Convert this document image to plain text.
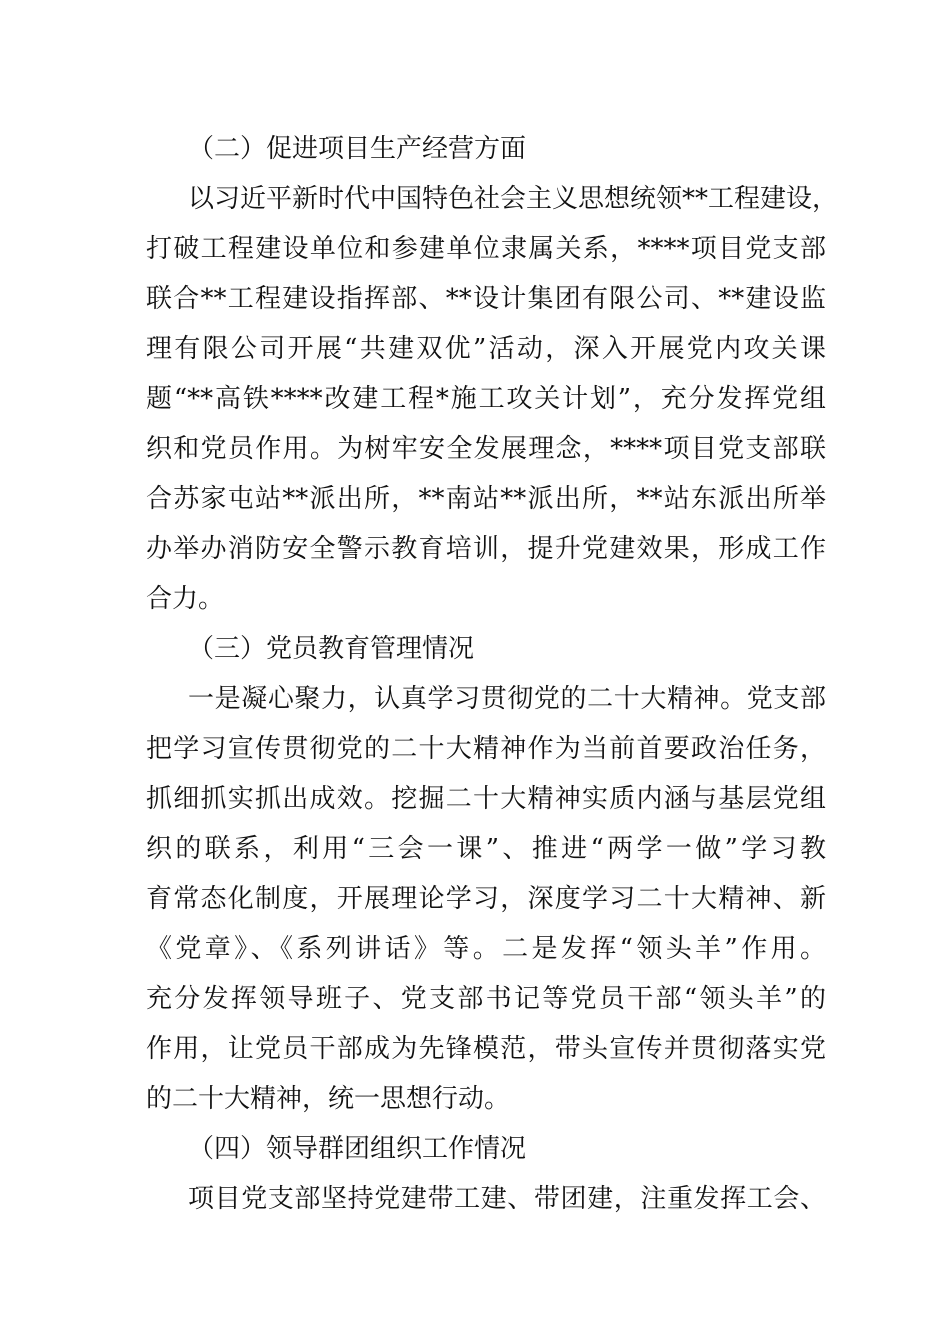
（二）促进项目生产经营方面
以习近平新时代中国特色社会主义思想统领**工程建设，
打破工程建设单位和参建单位隶属关系，****项目党支部
联合**工程建设指挥部、**设计集团有限公司、**建设监
理有限公司开展“共建双优”活动，深入开展党内攻关课
题“**高铁****改建工程*施工攻关计划”，充分发挥党组
织和党员作用。为树牢安全发展理念，****项目党支部联
合苏家屯站**派出所，**南站**派出所，**站东派出所举
办举办消防安全警示教育培训，提升党建效果，形成工作
合力。
（三）党员教育管理情况
一是凝心聚力，认真学习贯彻党的二十大精神。党支部
把学习宣传贯彻党的二十大精神作为当前首要政治任务，
抓细抓实抓出成效。挖掘二十大精神实质内涵与基层党组
织的联系，利用“三会一课”、推进“两学一做”学习教
育常态化制度，开展理论学习，深度学习二十大精神、新
《党章》、《系列讲话》等。二是发挥“领头羊”作用。
充分发挥领导班子、党支部书记等党员干部“领头羊”的
作用，让党员干部成为先锋模范，带头宣传并贯彻落实党
的二十大精神，统一思想行动。
（四）领导群团组织工作情况
项目党支部坚持党建带工建、带团建，注重发挥工会、
